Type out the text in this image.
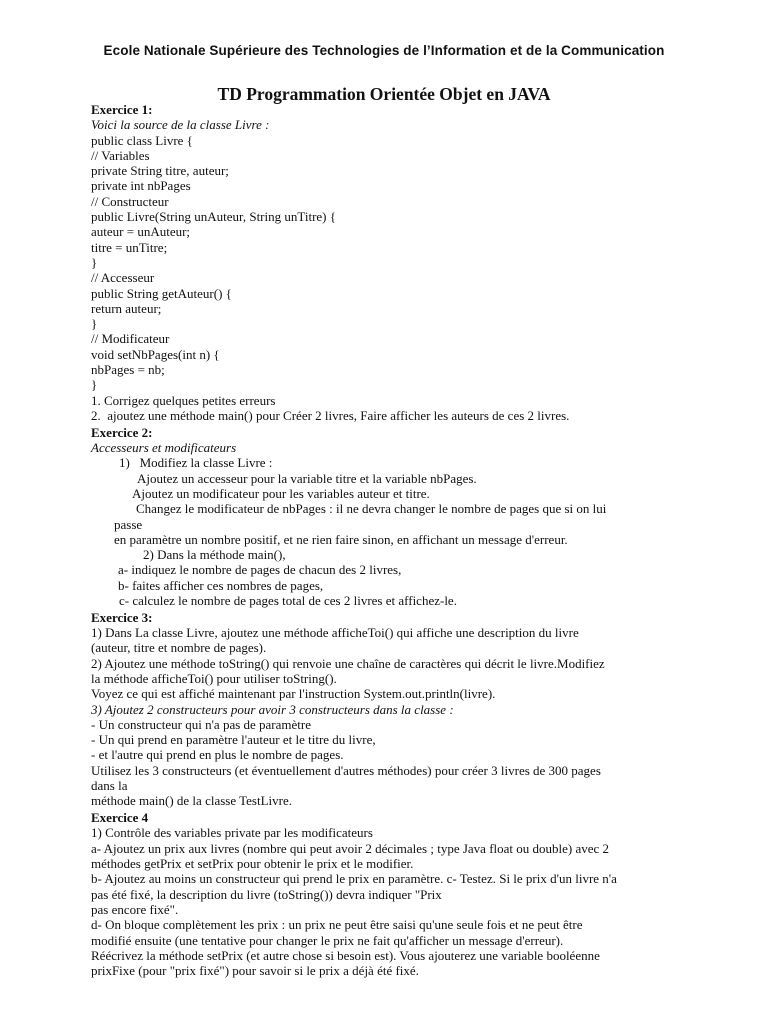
Ecole Nationale Supérieure des Technologies de l’Information et de la Communication
TD Programmation Orientée Objet en JAVA
Exercice 1:
Voici la source de la classe Livre :
public class Livre {
// Variables
private String titre, auteur;
private int nbPages
// Constructeur
public Livre(String unAuteur, String unTitre) {
auteur = unAuteur;
titre = unTitre;
}
// Accesseur
public String getAuteur() {
return auteur;
}
// Modificateur
void setNbPages(int n) {
nbPages = nb;
}
1. Corrigez quelques petites erreurs
2.  ajoutez une méthode main() pour Créer 2 livres, Faire afficher les auteurs de ces 2 livres.
Exercice 2:
Accesseurs et modificateurs
1)   Modifiez la classe Livre :
Ajoutez un accesseur pour la variable titre et la variable nbPages.
Ajoutez un modificateur pour les variables auteur et titre.
Changez le modificateur de nbPages : il ne devra changer le nombre de pages que si on lui
passe
en paramètre un nombre positif, et ne rien faire sinon, en affichant un message d'erreur.
2) Dans la méthode main(),
a- indiquez le nombre de pages de chacun des 2 livres,
b- faites afficher ces nombres de pages,
c- calculez le nombre de pages total de ces 2 livres et affichez-le.
Exercice 3:
1) Dans La classe Livre, ajoutez une méthode afficheToi() qui affiche une description du livre
(auteur, titre et nombre de pages).
2) Ajoutez une méthode toString() qui renvoie une chaîne de caractères qui décrit le livre.Modifiez
la méthode afficheToi() pour utiliser toString().
Voyez ce qui est affiché maintenant par l'instruction System.out.println(livre).
3) Ajoutez 2 constructeurs pour avoir 3 constructeurs dans la classe :
- Un constructeur qui n'a pas de paramètre
- Un qui prend en paramètre l'auteur et le titre du livre,
- et l'autre qui prend en plus le nombre de pages.
Utilisez les 3 constructeurs (et éventuellement d'autres méthodes) pour créer 3 livres de 300 pages
dans la
méthode main() de la classe TestLivre.
Exercice 4
1) Contrôle des variables private par les modificateurs
a- Ajoutez un prix aux livres (nombre qui peut avoir 2 décimales ; type Java float ou double) avec 2
méthodes getPrix et setPrix pour obtenir le prix et le modifier.
b- Ajoutez au moins un constructeur qui prend le prix en paramètre. c- Testez. Si le prix d'un livre n'a
pas été fixé, la description du livre (toString()) devra indiquer "Prix
pas encore fixé".
d- On bloque complètement les prix : un prix ne peut être saisi qu'une seule fois et ne peut être
modifié ensuite (une tentative pour changer le prix ne fait qu'afficher un message d'erreur).
Réécrivez la méthode setPrix (et autre chose si besoin est). Vous ajouterez une variable booléenne
prixFixe (pour "prix fixé") pour savoir si le prix a déjà été fixé.
